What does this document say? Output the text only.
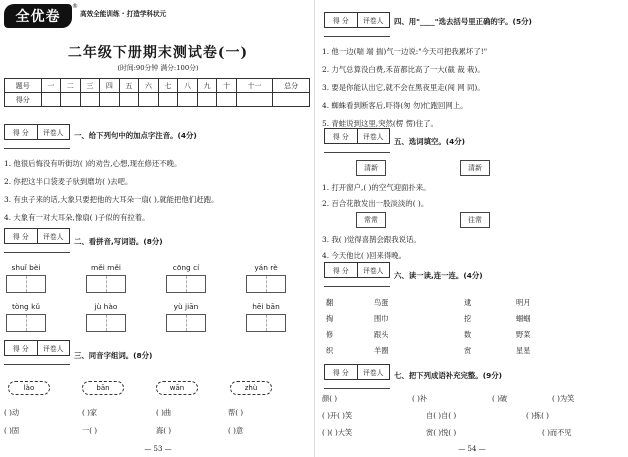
全优卷
®
高效全能训练 · 打造学科状元
二年级下册期末测试卷(一)
(时间:90分钟 满分:100分)
题号	一	二	三	四	五	六	七	八	九	十	十一	总分
得分												
得 分	评卷人	一、给下列句中的加点字注音。(4分)
1. 他很后悔没有听街坊( )的劝告,心想,现在修还不晚。
2. 你把这半口袋麦子驮到磨坊( )去吧。
3. 有虫子来的话,大象只要把他的大耳朵一扇( ),就能把他们赶跑。
4. 大象有一对大耳朵,像扇( )子似的有拉着。
得 分	评卷人	二、看拼音,写词语。(8分)
shuǐ bèi	měi měi	cōng cí	yán rè
tòng kǔ	jù hào	yù jiān	hēi bān
得 分	评卷人
三、同音字组词。(8分)
lào	bān	wān	zhù
( )动	( )家	( )曲	帮( )
( )固	一( )	海( )	( )意
— 53 —
得 分	评卷人	四、用"____"选去括号里正确的字。(5分)
1. 他一边(喘 端 揣)气一边说:"今天可把我累坏了!"
2. 力气总算没白费,禾苗都比高了一大(截 裁 栽)。
3. 要是你能认出它,就不会在黑夜里走(闯 网 同)。
4. 蜘蛛看到断客后,吓得(匆 勿)忙跑回网上。
5. 青蛙说到这里,突然(楞 愣)住了。
得 分	评卷人	五、选词填空。(4分)
清新	清新
1. 打开窗户,( )的空气迎面扑来。
2. 百合花散发出一股淡淡的( )。
常常	往常
3. 我( )觉得喜鹊会跟我说话。
4. 今天他比( )回来得晚。
得 分	评卷人	六、读一读,连一连。(4分)
翻	鸟蛋
掏	围巾
修	跟头
织	羊圈
逮	明月
挖	蝈蝈
数	野菜
赏	星星
得 分	评卷人	七、把下列成语补充完整。(9分)
颜( )	( )补	( )破	( )为笑
( )开( )笑	自( )自( )	( )拣( )
( )( )大笑	赏( )悦( )	( )而不见
— 54 —
